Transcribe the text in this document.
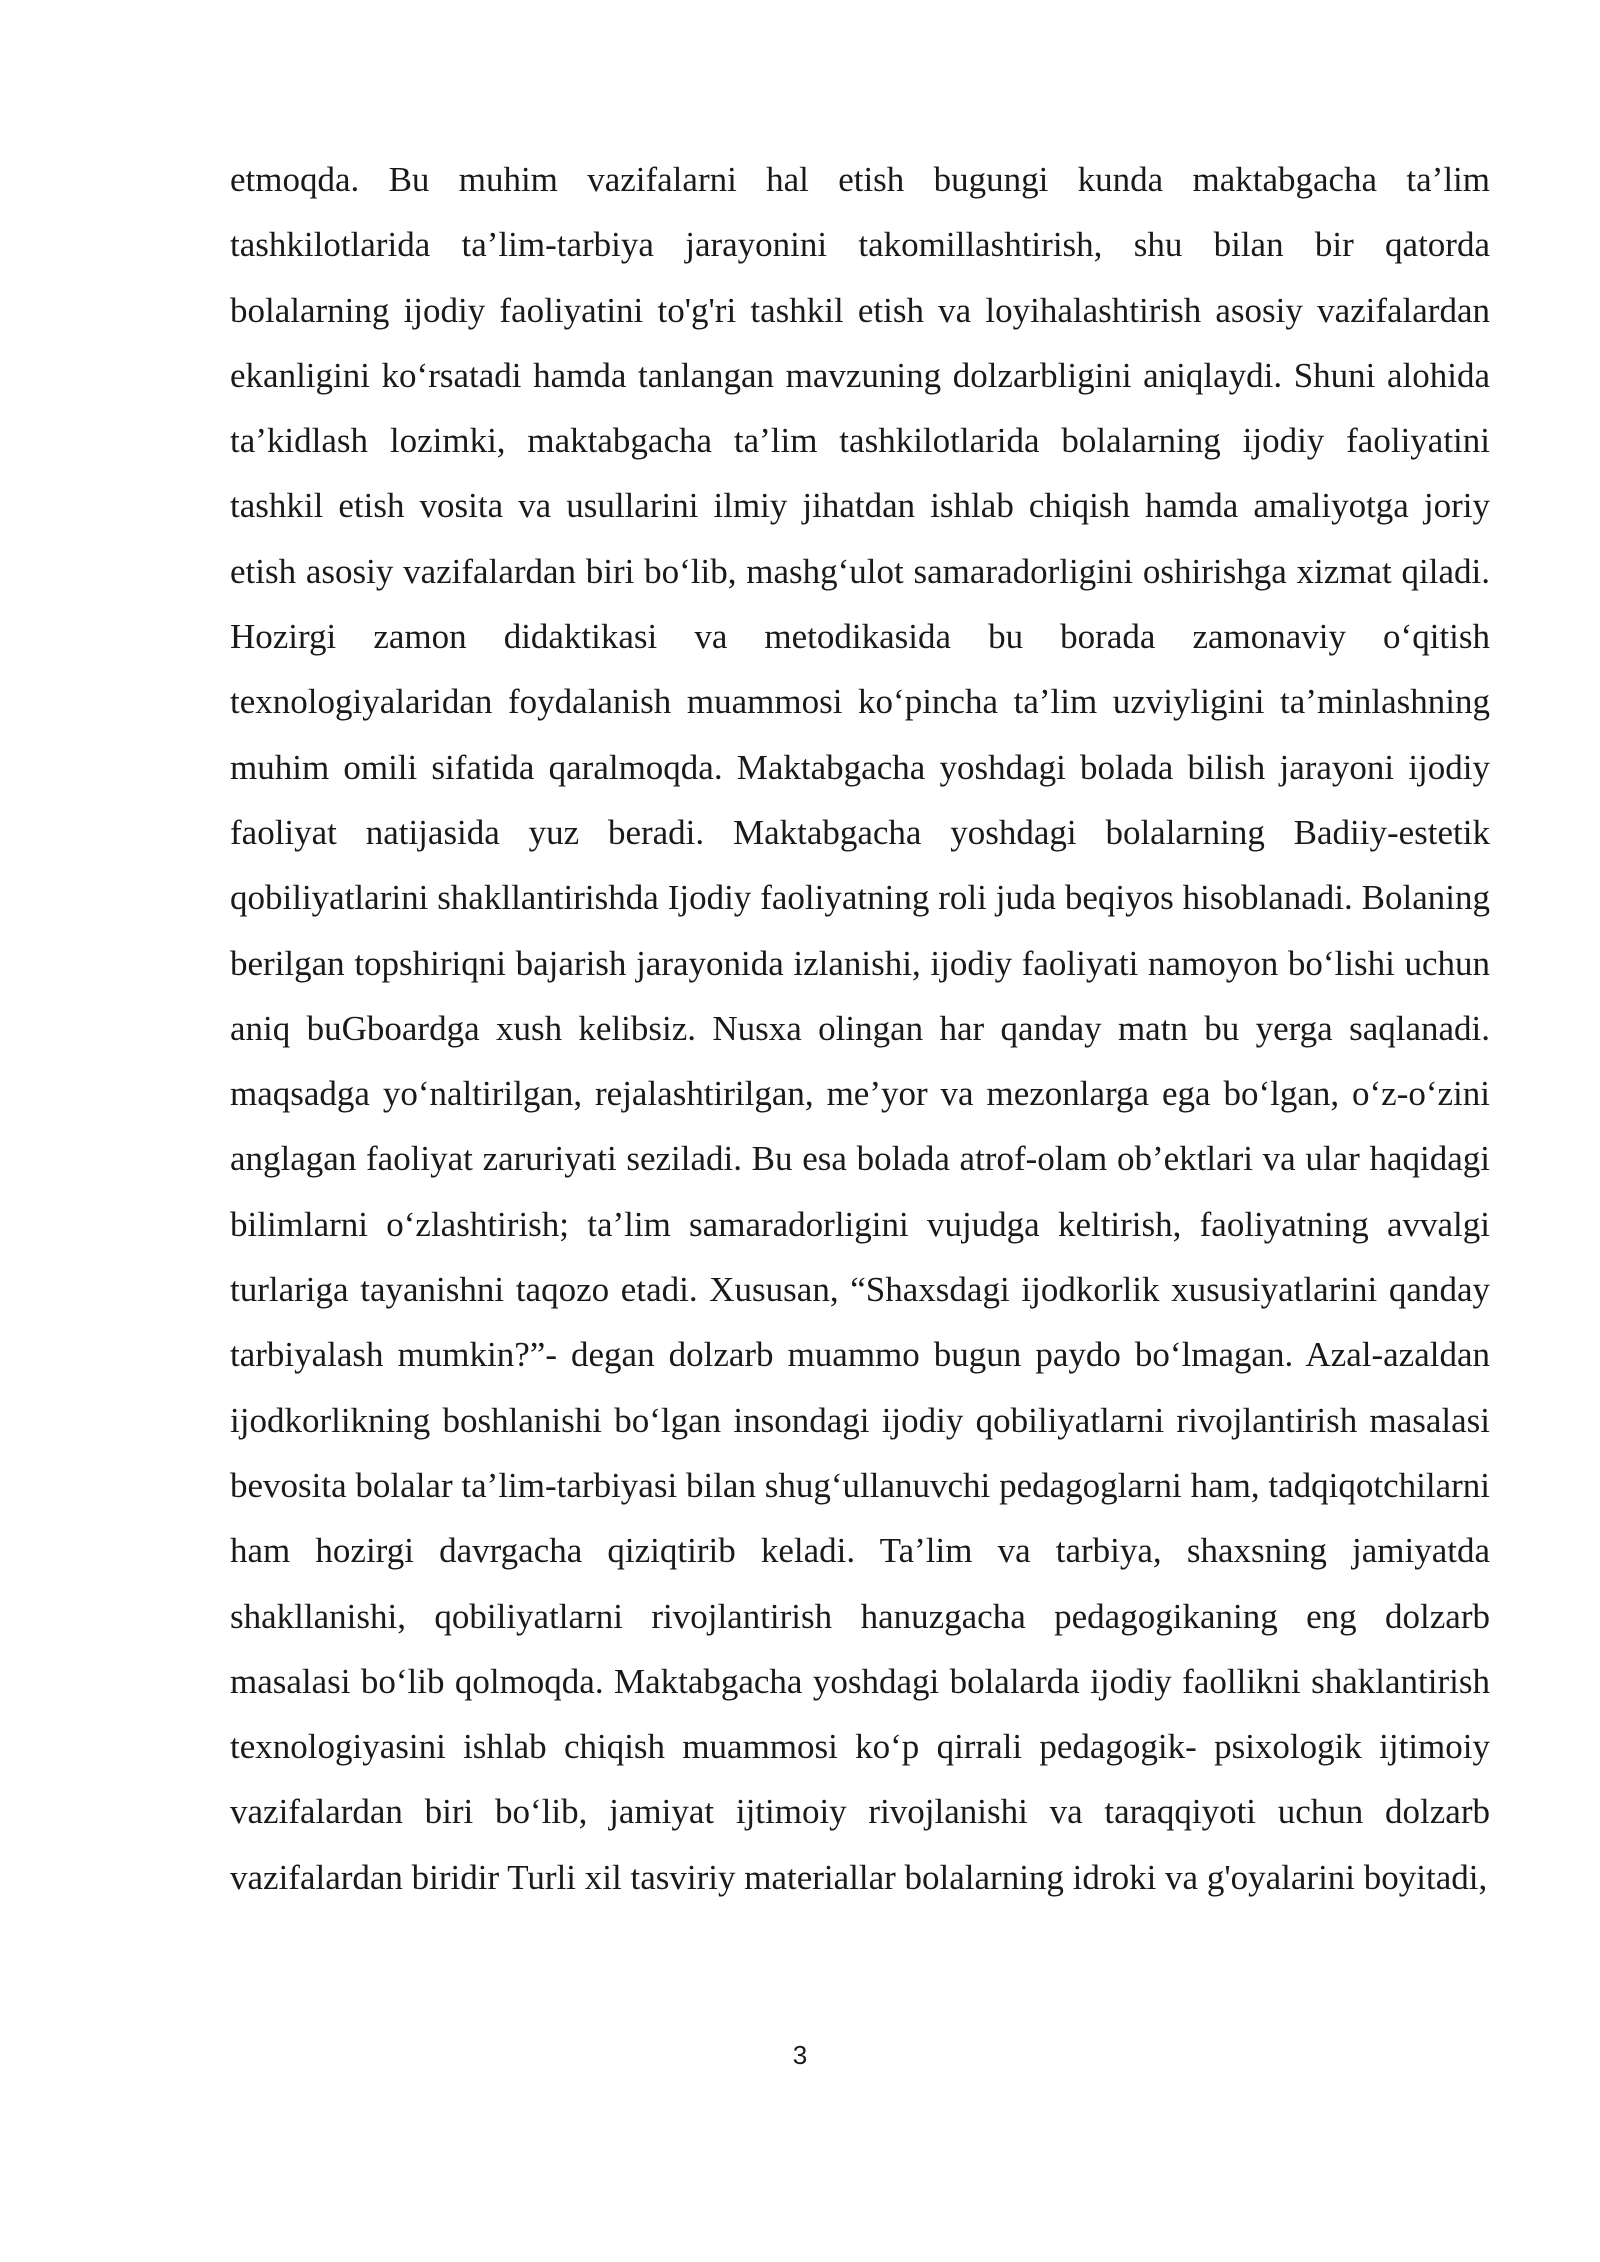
etmoqda. Bu muhim vazifalarni hal etish bugungi kunda maktabgacha ta’lim tashkilotlarida ta’lim-tarbiya jarayonini takomillashtirish, shu bilan bir qatorda bolalarning ijodiy faoliyatini to'g'ri tashkil etish va loyihalashtirish asosiy vazifalardan ekanligini koʻrsatadi hamda tanlangan mavzuning dolzarbligini aniqlaydi. Shuni alohida ta’kidlash lozimki, maktabgacha ta’lim tashkilotlarida bolalarning ijodiy faoliyatini tashkil etish vosita va usullarini ilmiy jihatdan ishlab chiqish hamda amaliyotga joriy etish asosiy vazifalardan biri boʻlib, mashgʻulot samaradorligini oshirishga xizmat qiladi. Hozirgi zamon didaktikasi va metodikasida bu borada zamonaviy oʻqitish texnologiyalaridan foydalanish muammosi koʻpincha ta’lim uzviyligini ta’minlashning muhim omili sifatida qaralmoqda. Maktabgacha yoshdagi bolada bilish jarayoni ijodiy faoliyat natijasida yuz beradi. Maktabgacha yoshdagi bolalarning Badiiy-estetik qobiliyatlarini shakllantirishda Ijodiy faoliyatning roli juda beqiyos hisoblanadi. Bolaning berilgan topshiriqni bajarish jarayonida izlanishi, ijodiy faoliyati namoyon boʻlishi uchun aniq buGboardga xush kelibsiz. Nusxa olingan har qanday matn bu yerga saqlanadi. maqsadga yoʻnaltirilgan, rejalashtirilgan, me’yor va mezonlarga ega boʻlgan, oʻz-oʻzini anglagan faoliyat zaruriyati seziladi. Bu esa bolada atrof-olam ob’ektlari va ular haqidagi bilimlarni oʻzlashtirish; ta’lim samaradorligini vujudga keltirish, faoliyatning avvalgi turlariga tayanishni taqozo etadi. Xususan, “Shaxsdagi ijodkorlik xususiyatlarini qanday tarbiyalash mumkin?”- degan dolzarb muammo bugun paydo boʻlmagan. Azal-azaldan ijodkorlikning boshlanishi boʻlgan insondagi ijodiy qobiliyatlarni rivojlantirish masalasi bevosita bolalar ta’lim-tarbiyasi bilan shugʻullanuvchi pedagoglarni ham, tadqiqotchilarni ham hozirgi davrgacha qiziqtirib keladi. Ta’lim va tarbiya, shaxsning jamiyatda shakllanishi, qobiliyatlarni rivojlantirish hanuzgacha pedagogikaning eng dolzarb masalasi boʻlib qolmoqda. Maktabgacha yoshdagi bolalarda ijodiy faollikni shaklantirish texnologiyasini ishlab chiqish muammosi koʻp qirrali pedagogik- psixologik ijtimoiy vazifalardan biri boʻlib, jamiyat ijtimoiy rivojlanishi va taraqqiyoti uchun dolzarb vazifalardan biridir Turli xil tasviriy materiallar bolalarning idroki va g'oyalarini boyitadi,

3
